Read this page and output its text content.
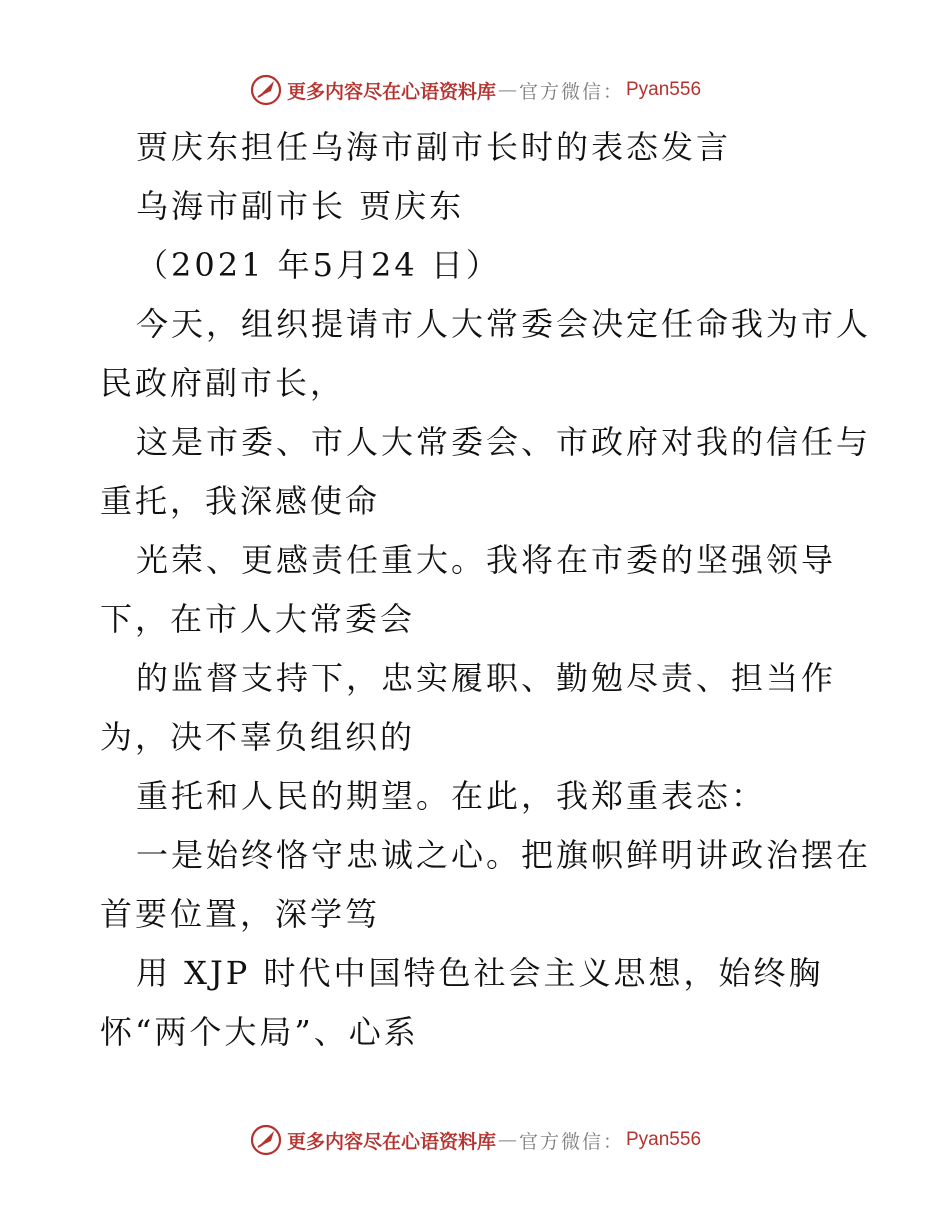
更多内容尽在心语资料库 — 官方微信： Pyan556
贾庆东担任乌海市副市长时的表态发言
乌海市副市长 贾庆东
（2021 年5月24 日）
今天，组织提请市人大常委会决定任命我为市人
民政府副市长，
这是市委、市人大常委会、市政府对我的信任与
重托，我深感使命
光荣、更感责任重大。我将在市委的坚强领导
下，在市人大常委会
的监督支持下，忠实履职、勤勉尽责、担当作
为，决不辜负组织的
重托和人民的期望。在此，我郑重表态：
一是始终恪守忠诚之心。把旗帜鲜明讲政治摆在
首要位置，深学笃
用 XJP 时代中国特色社会主义思想，始终胸
怀“两个大局”、心系
更多内容尽在心语资料库 — 官方微信： Pyan556
